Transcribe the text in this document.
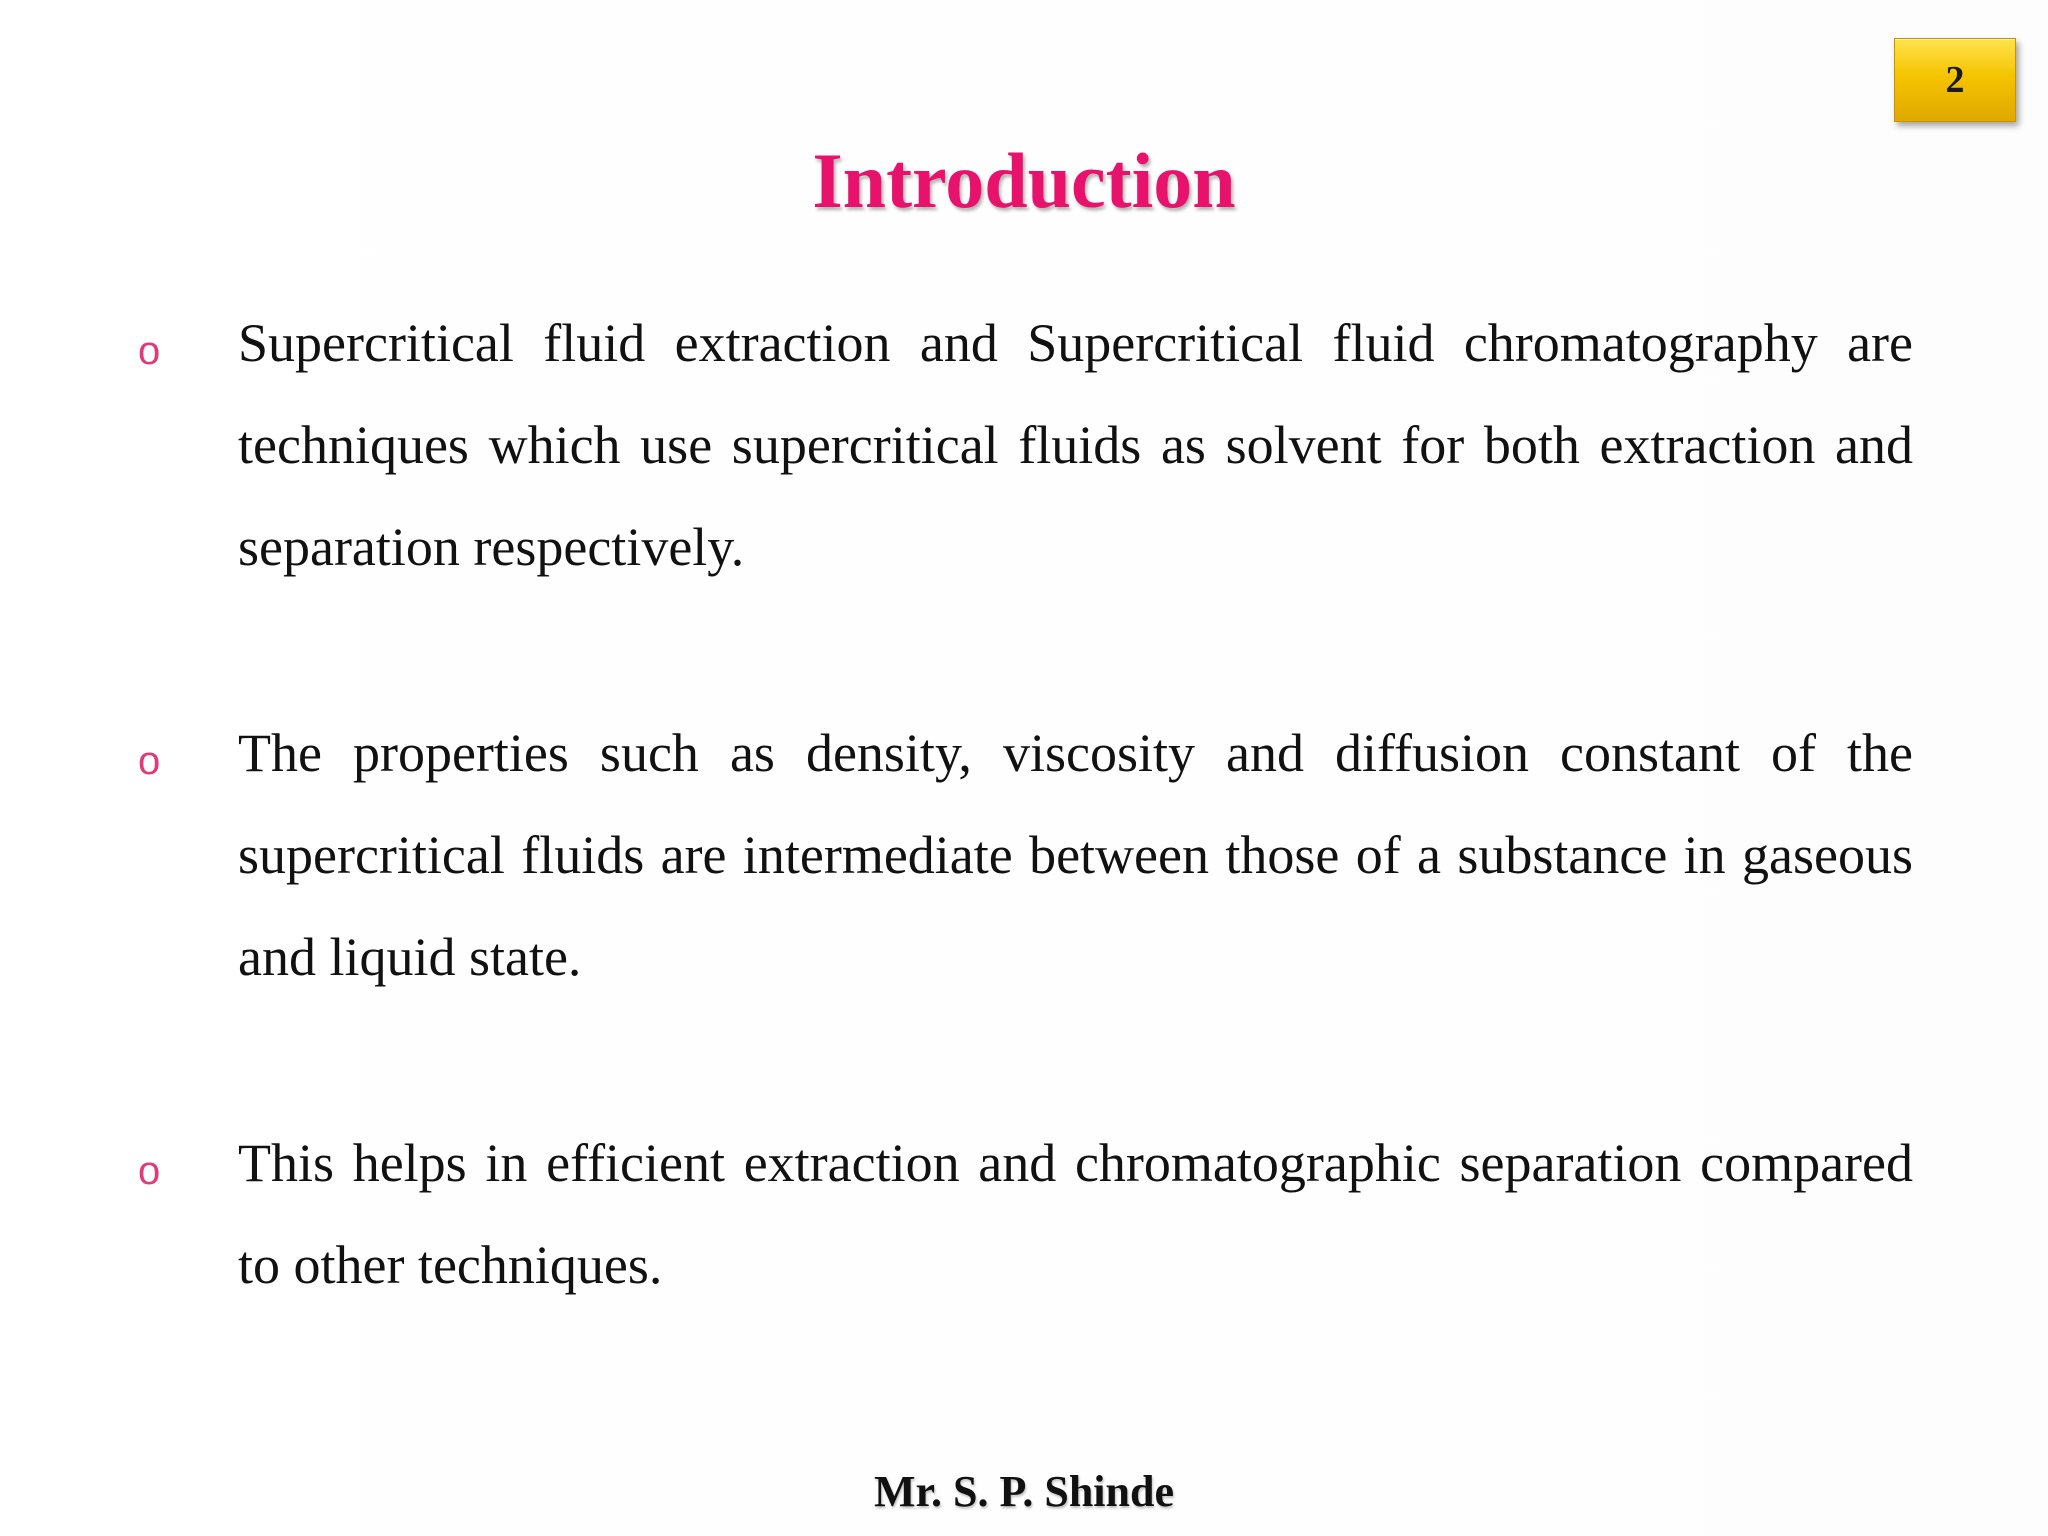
2
Introduction
o	Supercritical fluid extraction and Supercritical fluid chromatography are techniques which use supercritical fluids as solvent for both extraction and separation respectively.

o	The properties such as density, viscosity and diffusion constant of the supercritical fluids are intermediate between those of a substance in gaseous and liquid state.

o	This helps in efficient extraction and chromatographic separation compared to other techniques.

Mr. S. P. Shinde
